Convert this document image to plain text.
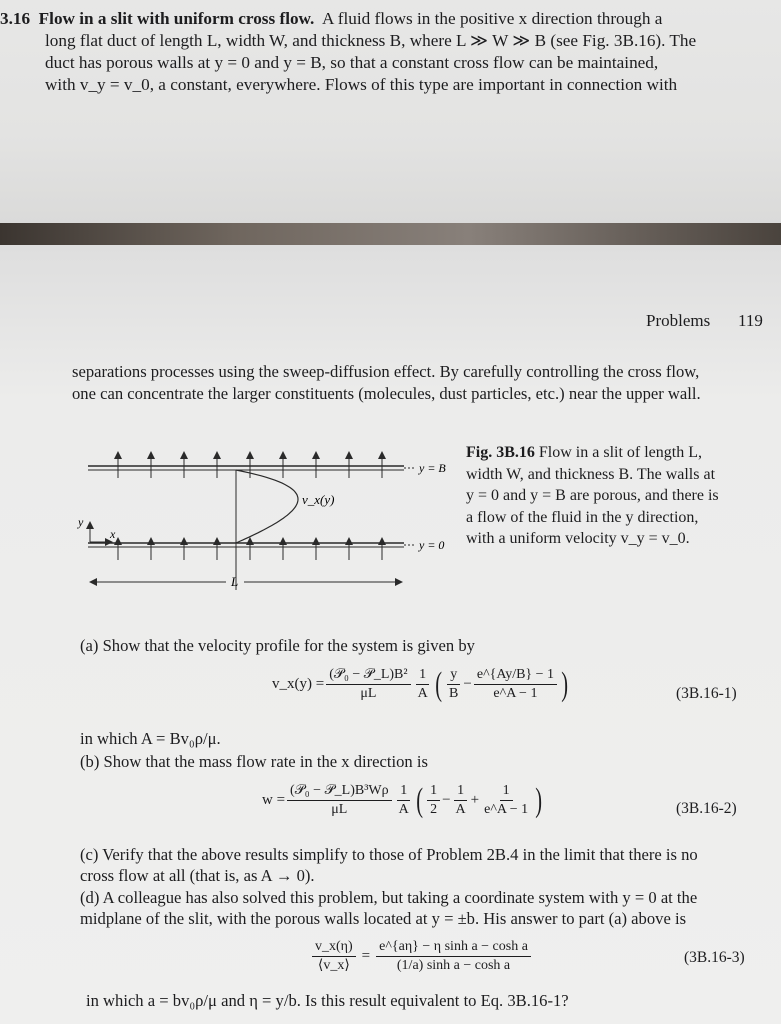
3.16 Flow in a slit with uniform cross flow. A fluid flows in the positive x direction through a
long flat duct of length L, width W, and thickness B, where L ≫ W ≫ B (see Fig. 3B.16). The
duct has porous walls at y = 0 and y = B, so that a constant cross flow can be maintained,
with v_y = v_0, a constant, everywhere. Flows of this type are important in connection with
Problems 119
separations processes using the sweep-diffusion effect. By carefully controlling the cross flow,
one can concentrate the larger constituents (molecules, dust particles, etc.) near the upper wall.
y
x
L
v_x(y)
y = B
y = 0
Fig. 3B.16 Flow in a slit of length L,
width W, and thickness B. The walls at
y = 0 and y = B are porous, and there is
a flow of the fluid in the y direction,
with a uniform velocity v_y = v_0.
(a) Show that the velocity profile for the system is given by
v_x(y) = $\frac{\text{(𝒫₀ − 𝒫\_L)B²}}{\mu L} \frac{1}{A}$ ( $\frac{y}{B} - \frac{e\^{}\{Ay/B\} - 1}{e\^{}A - 1}$ )	(3B.16-1)
in which A = Bv₀ρ/μ.
(b) Show that the mass flow rate in the x direction is
$w = \frac{\text{(𝒫₀ − 𝒫\_L)B³Wρ}}{\mu L} \frac{1}{A}$ ( $\frac{1}{2} - \frac{1}{A} + \frac{1}{e\^{}A - 1}$ )	(3B.16-2)
(c) Verify that the above results simplify to those of Problem 2B.4 in the limit that there is no
cross flow at all (that is, as A → 0).
(d) A colleague has also solved this problem, but taking a coordinate system with y = 0 at the
midplane of the slit, with the porous walls located at y = ±b. His answer to part (a) above is
$\frac{v\_x(\eta)}{⟨v\_x⟩} = \frac{\text{e\textasciicircum{}\{aη\} − η sinh a − cosh a}}{\text{(1/a) sinh a − cosh a}}$	(3B.16-3)
in which a = bv₀ρ/μ and η = y/b. Is this result equivalent to Eq. 3B.16-1?
